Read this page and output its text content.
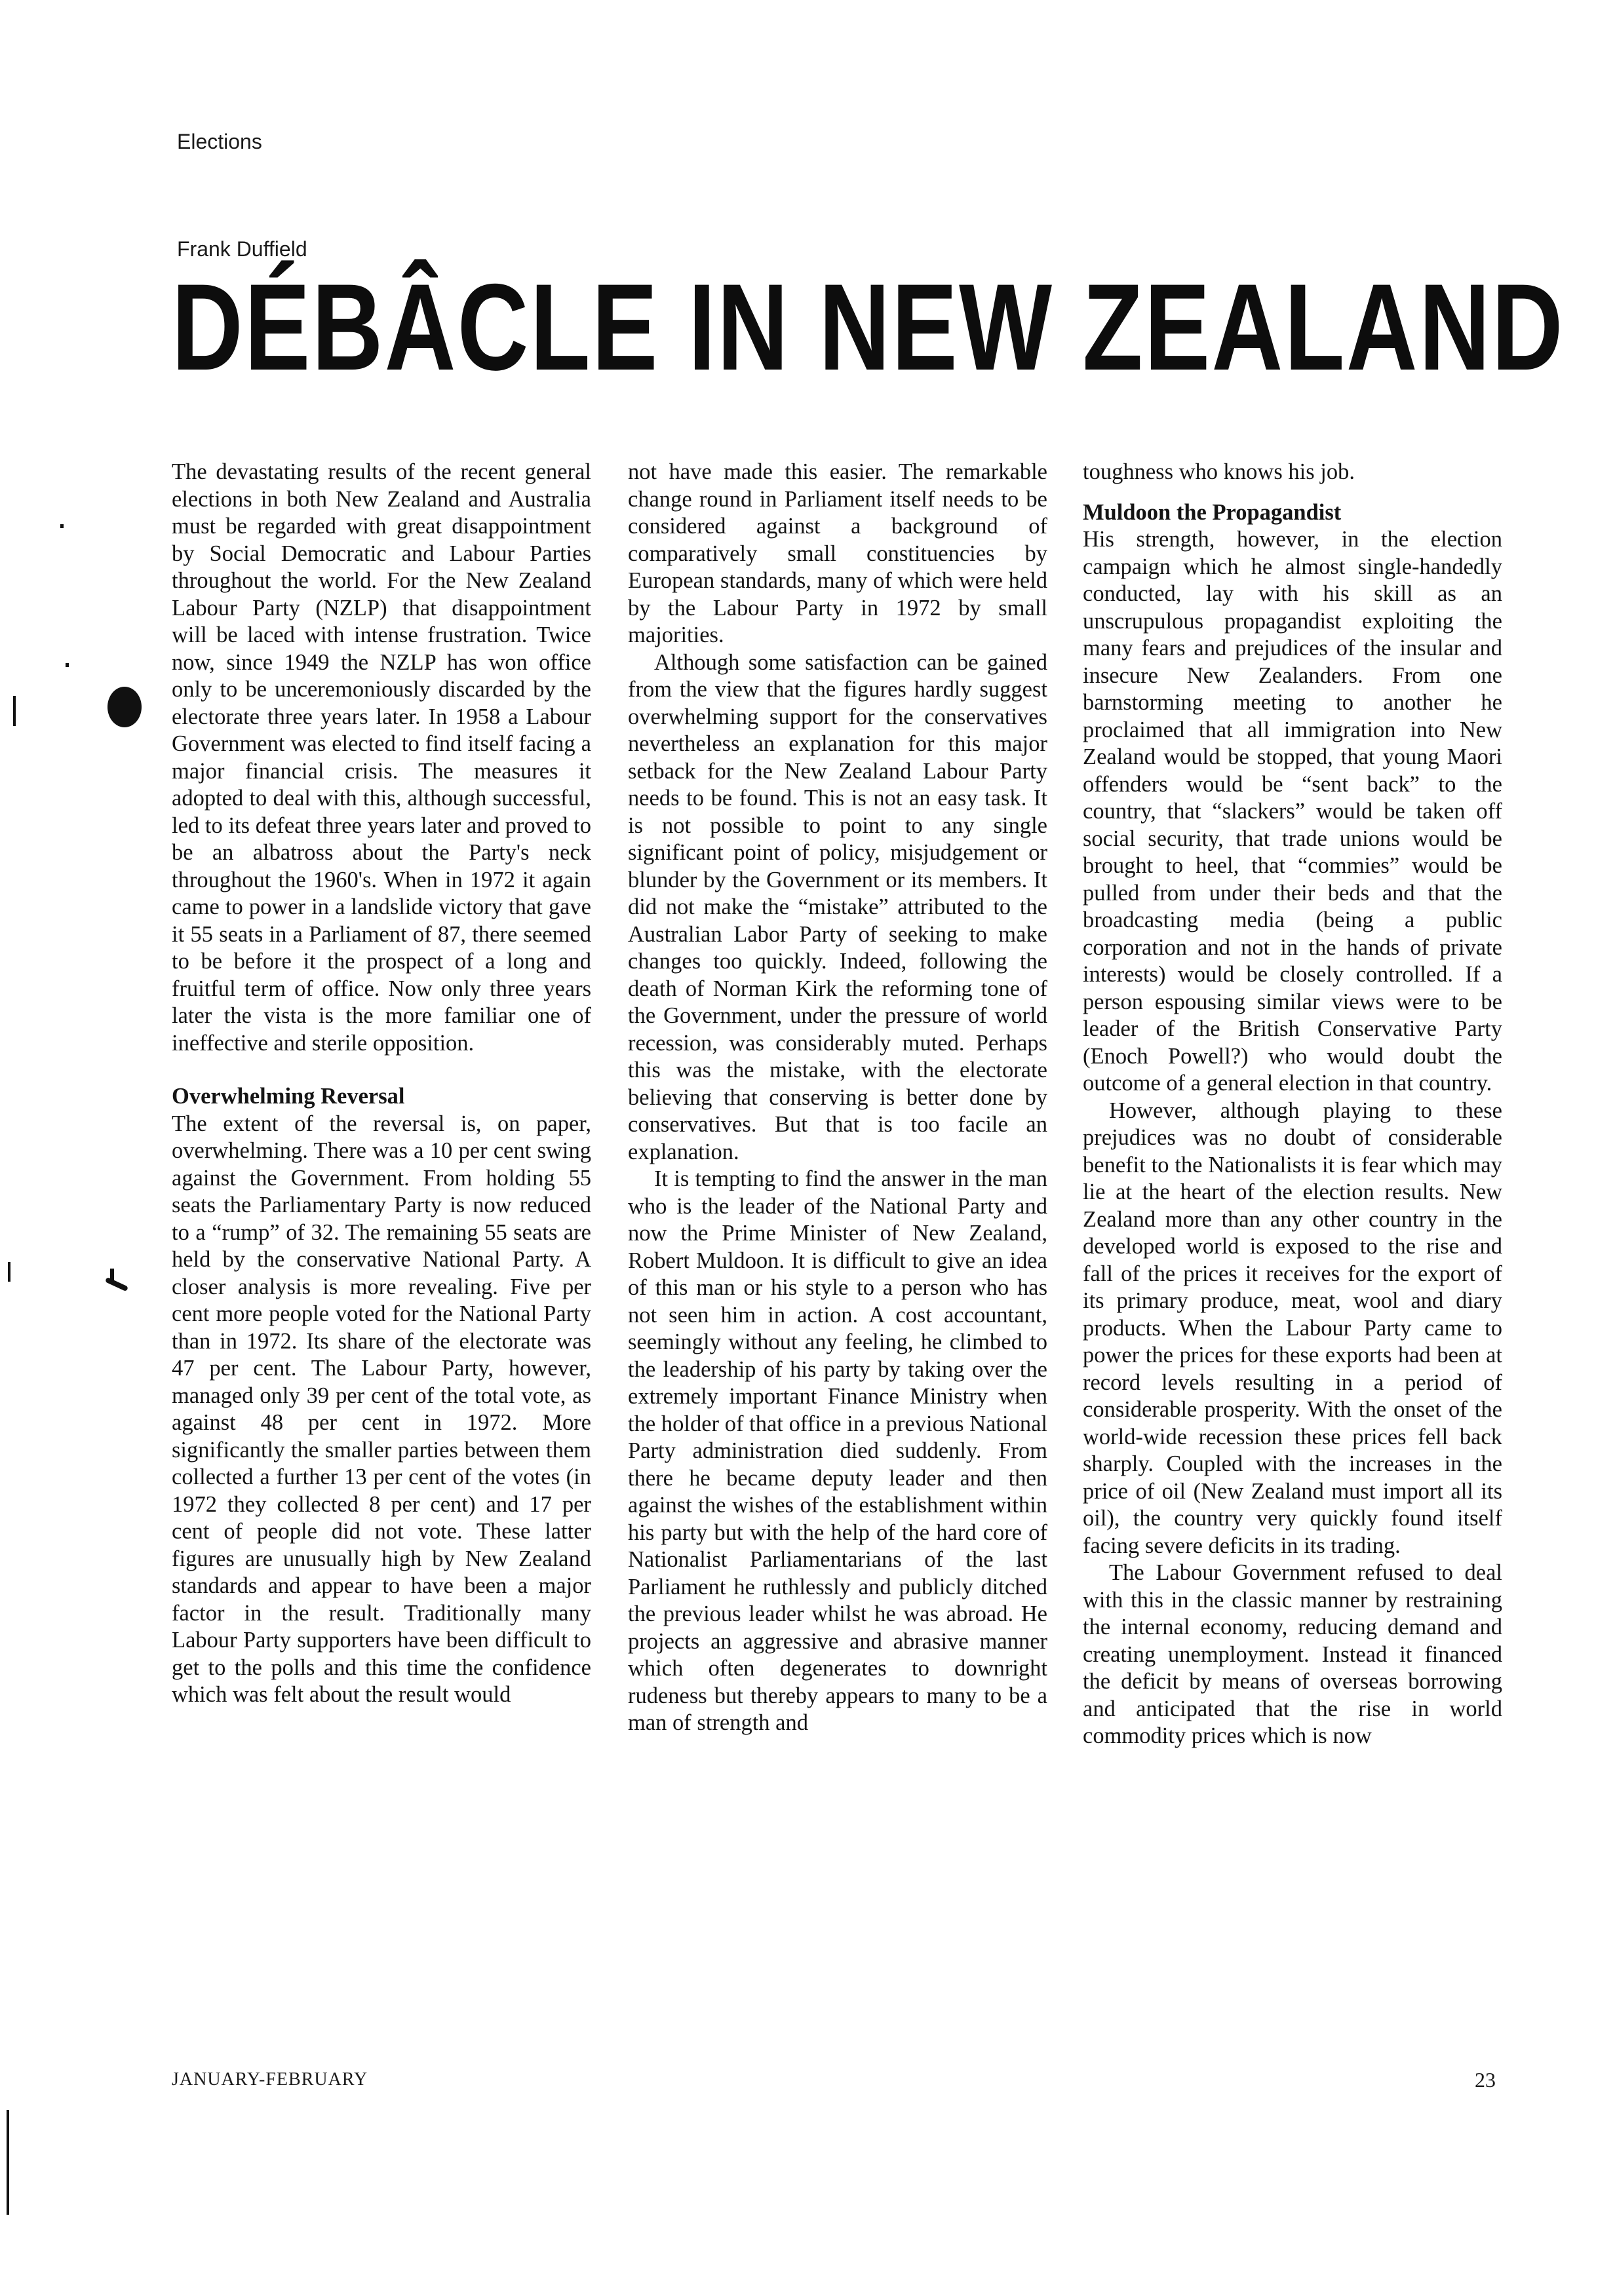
Elections
Frank Duffield
DÉBÂCLE IN NEW ZEALAND

The devastating results of the recent general elections in both New Zealand and Australia must be regarded with great disappointment by Social Democratic and Labour Parties throughout the world. For the New Zealand Labour Party (NZLP) that disappointment will be laced with intense frustration. Twice now, since 1949 the NZLP has won office only to be unceremoniously discarded by the electorate three years later. In 1958 a Labour Government was elected to find itself facing a major financial crisis. The measures it adopted to deal with this, although successful, led to its defeat three years later and proved to be an albatross about the Party's neck throughout the 1960's. When in 1972 it again came to power in a landslide victory that gave it 55 seats in a Parliament of 87, there seemed to be before it the prospect of a long and fruitful term of office. Now only three years later the vista is the more familiar one of ineffective and sterile opposition.

Overwhelming Reversal

The extent of the reversal is, on paper, overwhelming. There was a 10 per cent swing against the Government. From holding 55 seats the Parliamentary Party is now reduced to a “rump” of 32. The remaining 55 seats are held by the conservative National Party. A closer analysis is more revealing. Five per cent more people voted for the National Party than in 1972. Its share of the electorate was 47 per cent. The Labour Party, however, managed only 39 per cent of the total vote, as against 48 per cent in 1972. More significantly the smaller parties between them collected a further 13 per cent of the votes (in 1972 they collected 8 per cent) and 17 per cent of people did not vote. These latter figures are unusually high by New Zealand standards and appear to have been a major factor in the result. Traditionally many Labour Party supporters have been difficult to get to the polls and this time the confidence which was felt about the result would

not have made this easier. The remarkable change round in Parliament itself needs to be considered against a background of comparatively small constituencies by European standards, many of which were held by the Labour Party in 1972 by small majorities.

Although some satisfaction can be gained from the view that the figures hardly suggest overwhelming support for the conservatives nevertheless an explanation for this major setback for the New Zealand Labour Party needs to be found. This is not an easy task. It is not possible to point to any single significant point of policy, misjudgement or blunder by the Government or its members. It did not make the “mistake” attributed to the Australian Labor Party of seeking to make changes too quickly. Indeed, following the death of Norman Kirk the reforming tone of the Government, under the pressure of world recession, was considerably muted. Perhaps this was the mistake, with the electorate believing that conserving is better done by conservatives. But that is too facile an explanation.

It is tempting to find the answer in the man who is the leader of the National Party and now the Prime Minister of New Zealand, Robert Muldoon. It is difficult to give an idea of this man or his style to a person who has not seen him in action. A cost accountant, seemingly without any feeling, he climbed to the leadership of his party by taking over the extremely important Finance Ministry when the holder of that office in a previous National Party administration died suddenly. From there he became deputy leader and then against the wishes of the establishment within his party but with the help of the hard core of Nationalist Parliamentarians of the last Parliament he ruthlessly and publicly ditched the previous leader whilst he was abroad. He projects an aggressive and abrasive manner which often degenerates to downright rudeness but thereby appears to many to be a man of strength and

toughness who knows his job.

Muldoon the Propagandist

His strength, however, in the election campaign which he almost single-handedly conducted, lay with his skill as an unscrupulous propagandist exploiting the many fears and prejudices of the insular and insecure New Zealanders. From one barnstorming meeting to another he proclaimed that all immigration into New Zealand would be stopped, that young Maori offenders would be “sent back” to the country, that “slackers” would be taken off social security, that trade unions would be brought to heel, that “commies” would be pulled from under their beds and that the broadcasting media (being a public corporation and not in the hands of private interests) would be closely controlled. If a person espousing similar views were to be leader of the British Conservative Party (Enoch Powell?) who would doubt the outcome of a general election in that country.

However, although playing to these prejudices was no doubt of considerable benefit to the Nationalists it is fear which may lie at the heart of the election results. New Zealand more than any other country in the developed world is exposed to the rise and fall of the prices it receives for the export of its primary produce, meat, wool and diary products. When the Labour Party came to power the prices for these exports had been at record levels resulting in a period of considerable prosperity. With the onset of the world-wide recession these prices fell back sharply. Coupled with the increases in the price of oil (New Zealand must import all its oil), the country very quickly found itself facing severe deficits in its trading.

The Labour Government refused to deal with this in the classic manner by restraining the internal economy, reducing demand and creating unemployment. Instead it financed the deficit by means of overseas borrowing and anticipated that the rise in world commodity prices which is now

JANUARY-FEBRUARY	23
